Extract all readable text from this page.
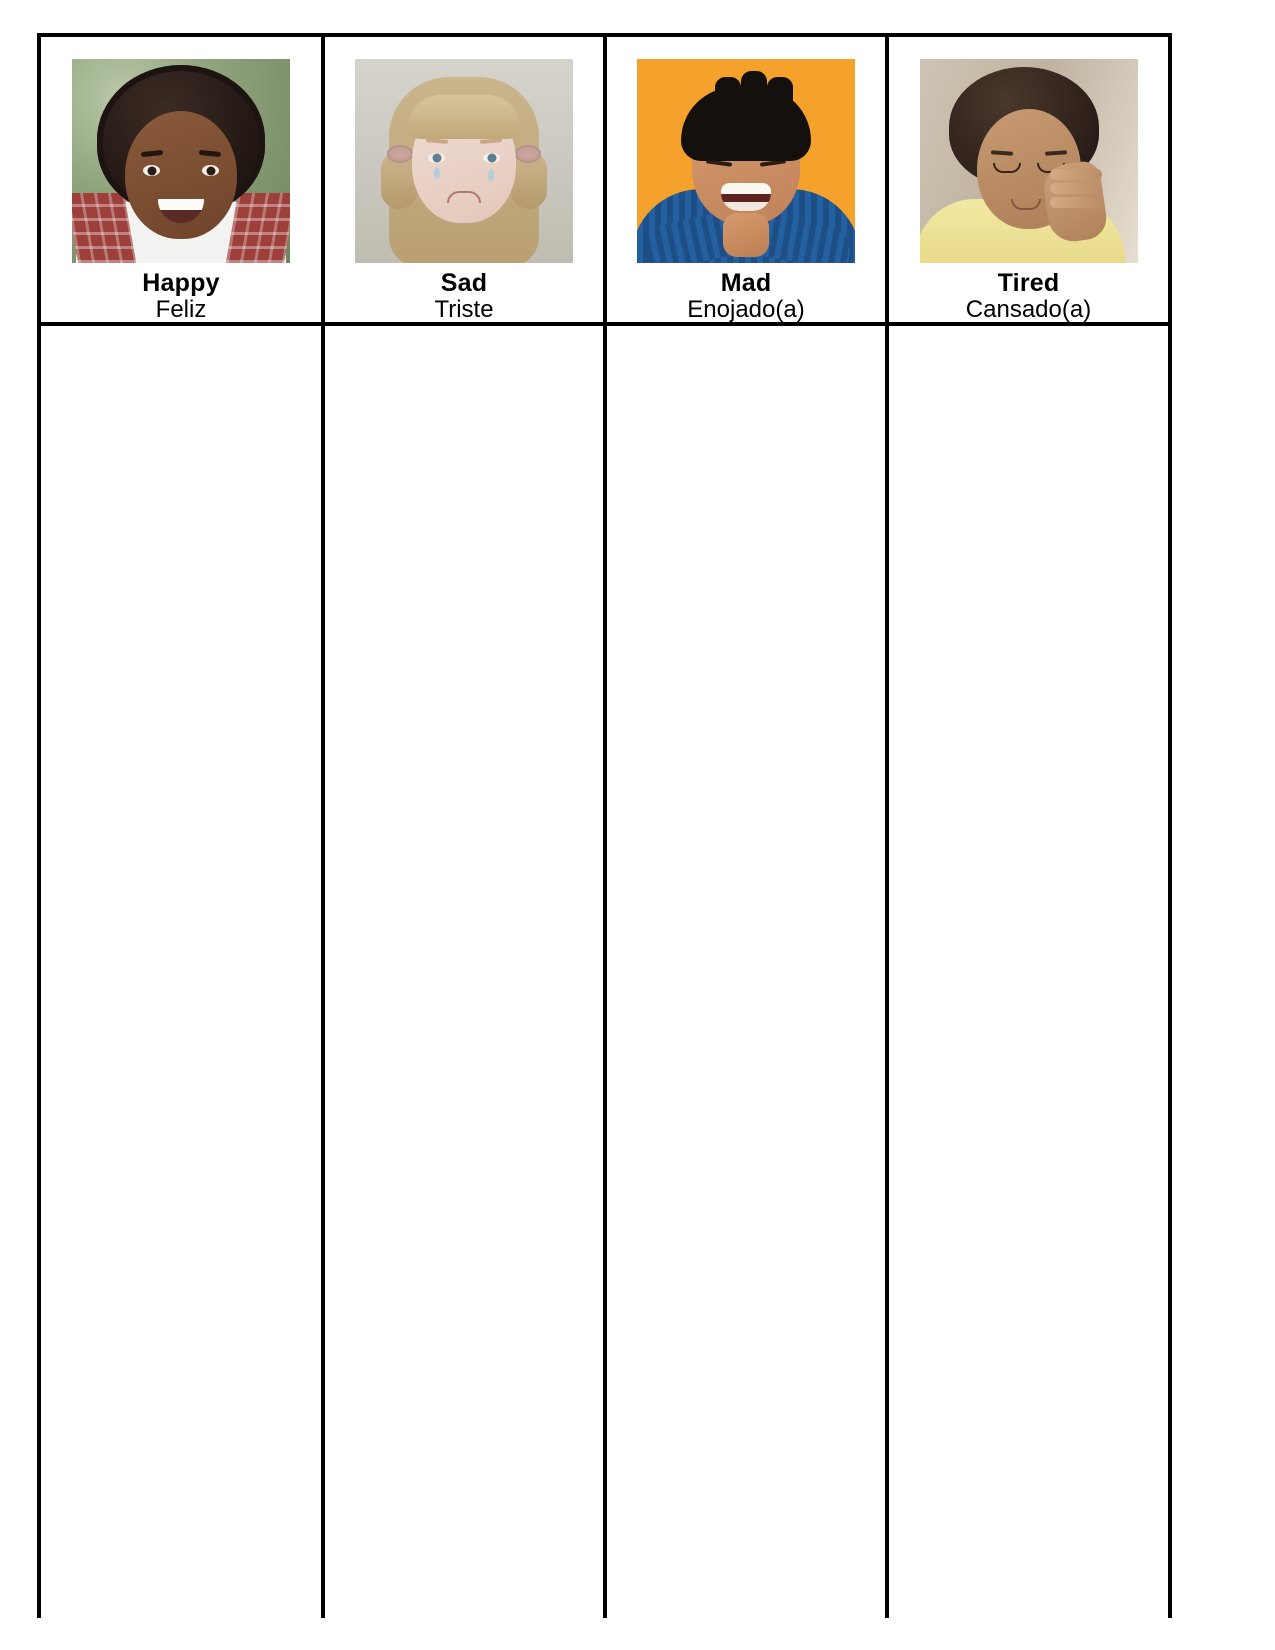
Happy
Feliz
Sad
Triste
Mad
Enojado(a)
Tired
Cansado(a)
